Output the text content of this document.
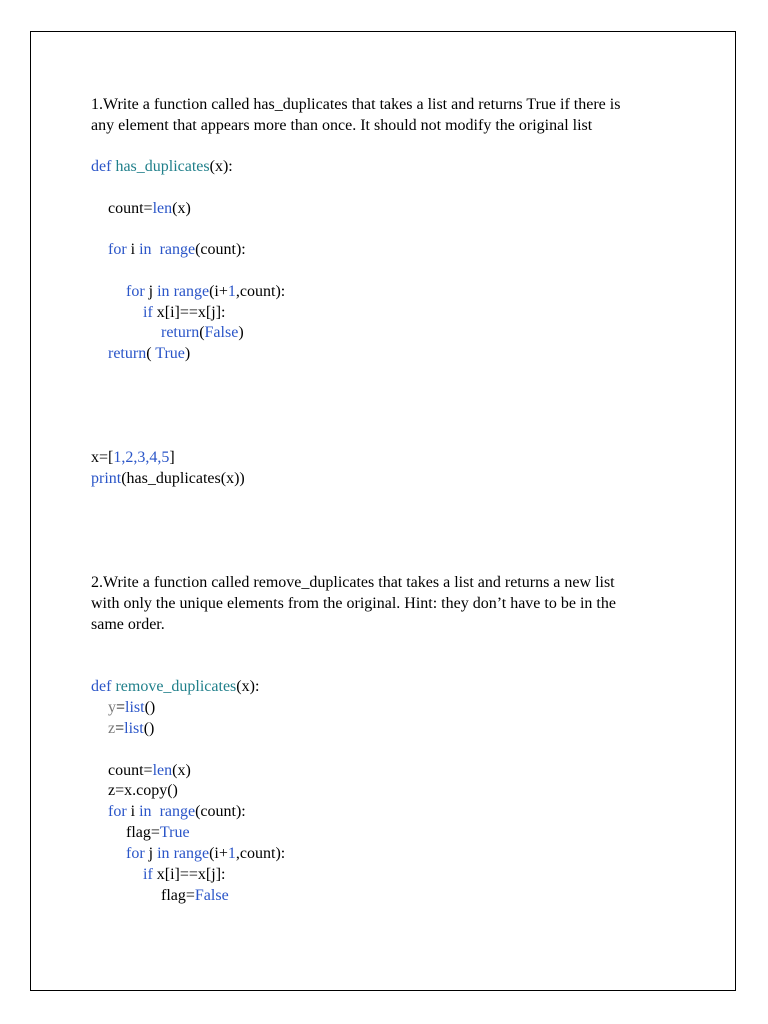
1.Write a function called has_duplicates that takes a list and returns True if there is
any element that appears more than once. It should not modify the original list
def has_duplicates(x):
count=len(x)
for i in range(count):
for j in range(i+1,count):
if x[i]==x[j]:
return(False)
return( True)
x=[1,2,3,4,5]
print(has_duplicates(x))
2.Write a function called remove_duplicates that takes a list and returns a new list
with only the unique elements from the original. Hint: they don’t have to be in the
same order.
def remove_duplicates(x):
y=list()
z=list()
count=len(x)
z=x.copy()
for i in range(count):
flag=True
for j in range(i+1,count):
if x[i]==x[j]:
flag=False
